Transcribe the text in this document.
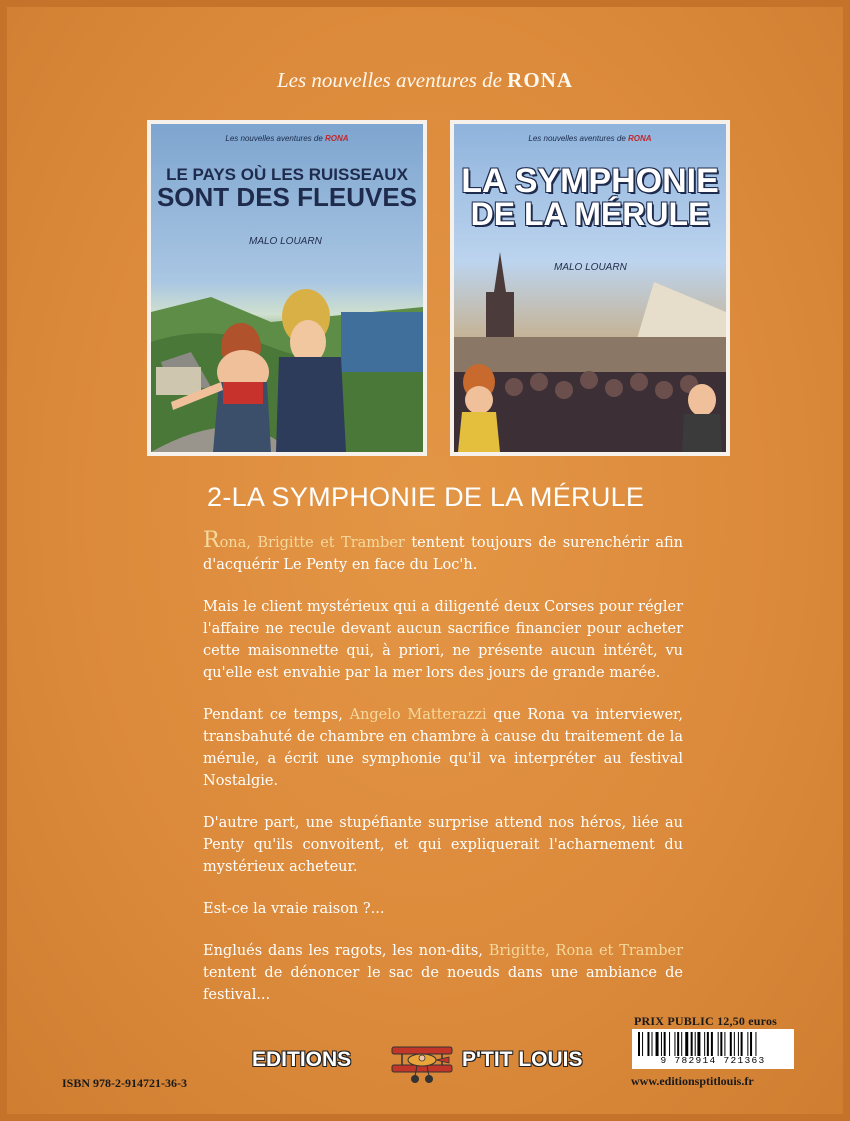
Les nouvelles aventures de RONA
Les nouvelles aventures de RONA
LE PAYS OÙ LES RUISSEAUX
SONT DES FLEUVES
MALO LOUARN
Les nouvelles aventures de RONA
LA SYMPHONIE
DE LA MÉRULE
MALO LOUARN
2-LA SYMPHONIE DE LA MÉRULE

Rona, Brigitte et Tramber tentent toujours de surenchérir afin d'acquérir Le Penty en face du Loc'h.

Mais le client mystérieux qui a diligenté deux Corses pour régler l'affaire ne recule devant aucun sacrifice financier pour acheter cette maisonnette qui, à priori, ne présente aucun intérêt, vu qu'elle est envahie par la mer lors des jours de grande marée.

Pendant ce temps, Angelo Matterazzi que Rona va interviewer, transbahuté de chambre en chambre à cause du traitement de la mérule, a écrit une symphonie qu'il va interpréter au festival Nostalgie.

D'autre part, une stupéfiante surprise attend nos héros, liée au Penty qu'ils convoitent, et qui expliquerait l'acharnement du mystérieux acheteur.

Est-ce la vraie raison ?...

Englués dans les ragots, les non-dits, Brigitte, Rona et Tramber tentent de dénoncer le sac de noeuds dans une ambiance de festival...

PRIX PUBLIC 12,50 euros
9 782914 721363
www.editionsptitlouis.fr
ISBN 978-2-914721-36-3
EDITIONS	P'TIT LOUIS
